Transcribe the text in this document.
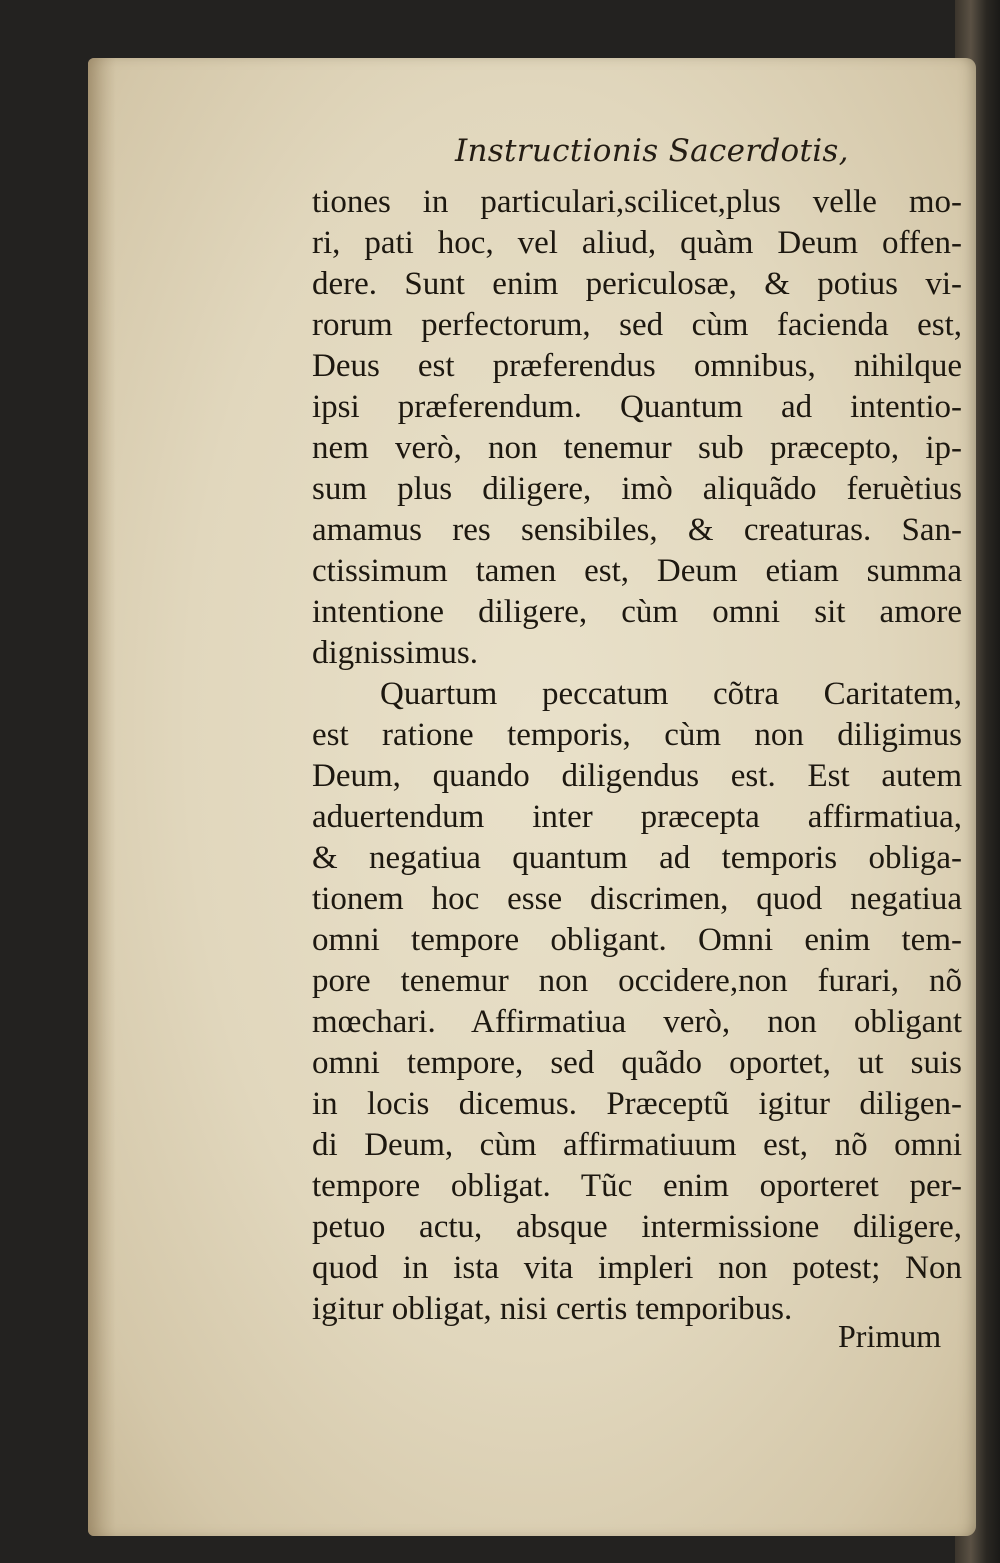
Instructionis Sacerdotis,
tiones in particulari,scilicet,plus velle mo-
ri, pati hoc, vel aliud, quàm Deum offen-
dere. Sunt enim periculosæ, & potius vi-
rorum perfectorum, sed cùm facienda est,
Deus est præferendus omnibus, nihilque
ipsi præferendum. Quantum ad intentio-
nem verò, non tenemur sub præcepto, ip-
sum plus diligere, imò aliquãdo feruètius
amamus res sensibiles, & creaturas. San-
ctissimum tamen est, Deum etiam summa
intentione diligere, cùm omni sit amore
dignissimus.
Quartum peccatum cõtra Caritatem,
est ratione temporis, cùm non diligimus
Deum, quando diligendus est. Est autem
aduertendum inter præcepta affirmatiua,
& negatiua quantum ad temporis obliga-
tionem hoc esse discrimen, quod negatiua
omni tempore obligant. Omni enim tem-
pore tenemur non occidere,non furari, nõ
mœchari. Affirmatiua verò, non obligant
omni tempore, sed quãdo oportet, ut suis
in locis dicemus. Præceptũ igitur diligen-
di Deum, cùm affirmatiuum est, nõ omni
tempore obligat. Tũc enim oporteret per-
petuo actu, absque intermissione diligere,
quod in ista vita impleri non potest; Non
igitur obligat, nisi certis temporibus.
Primum
